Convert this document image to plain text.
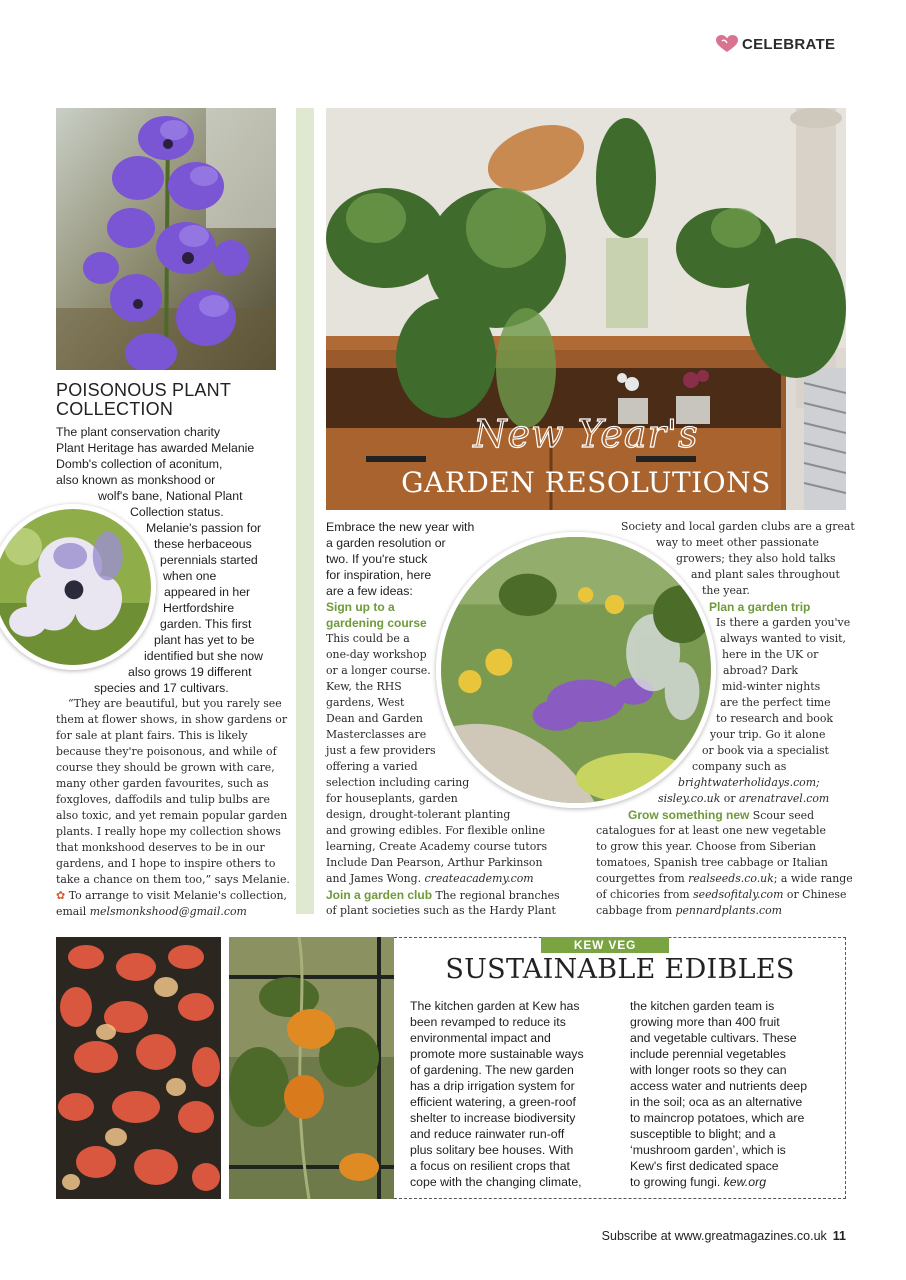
CELEBRATE
New Year's
GARDEN RESOLUTIONS
POISONOUS PLANT
COLLECTION
The plant conservation charity
Plant Heritage has awarded Melanie
Domb's collection of aconitum,
also known as monkshood or
wolf's bane, National Plant
Collection status.
Melanie's passion for
these herbaceous
perennials started
when one
appeared in her
Hertfordshire
garden. This first
plant has yet to be
identified but she now
also grows 19 different
species and 17 cultivars.
“They are beautiful, but you rarely see
them at flower shows, in show gardens or
for sale at plant fairs. This is likely
because they're poisonous, and while of
course they should be grown with care,
many other garden favourites, such as
foxgloves, daffodils and tulip bulbs are
also toxic, and yet remain popular garden
plants. I really hope my collection shows
that monkshood deserves to be in our
gardens, and I hope to inspire others to
take a chance on them too,” says Melanie.
✿ To arrange to visit Melanie's collection,
email melsmonkshood@gmail.com
Embrace the new year with
a garden resolution or
two. If you're stuck
for inspiration, here
are a few ideas:
Sign up to a
gardening course
This could be a
one-day workshop
or a longer course.
Kew, the RHS
gardens, West
Dean and Garden
Masterclasses are
just a few providers
offering a varied
selection including caring
for houseplants, garden
design, drought-tolerant planting
and growing edibles. For flexible online
learning, Create Academy course tutors
Include Dan Pearson, Arthur Parkinson
and James Wong. createacademy.com
Join a garden club The regional branches
of plant societies such as the Hardy Plant
Society and local garden clubs are a great
way to meet other passionate
growers; they also hold talks
and plant sales throughout
the year.
Plan a garden trip
Is there a garden you've
always wanted to visit,
here in the UK or
abroad? Dark
mid-winter nights
are the perfect time
to research and book
your trip. Go it alone
or book via a specialist
company such as
brightwaterholidays.com;
sisley.co.uk or arenatravel.com
Grow something new Scour seed
catalogues for at least one new vegetable
to grow this year. Choose from Siberian
tomatoes, Spanish tree cabbage or Italian
courgettes from realseeds.co.uk; a wide range
of chicories from seedsofitaly.com or Chinese
cabbage from pennardplants.com
KEW VEG
SUSTAINABLE EDIBLES
The kitchen garden at Kew has
been revamped to reduce its
environmental impact and
promote more sustainable ways
of gardening. The new garden
has a drip irrigation system for
efficient watering, a green-roof
shelter to increase biodiversity
and reduce rainwater run-off
plus solitary bee houses. With
a focus on resilient crops that
cope with the changing climate,
the kitchen garden team is
growing more than 400 fruit
and vegetable cultivars. These
include perennial vegetables
with longer roots so they can
access water and nutrients deep
in the soil; oca as an alternative
to maincrop potatoes, which are
susceptible to blight; and a
‘mushroom garden’, which is
Kew's first dedicated space
to growing fungi. kew.org
Subscribe at www.greatmagazines.co.uk 11
